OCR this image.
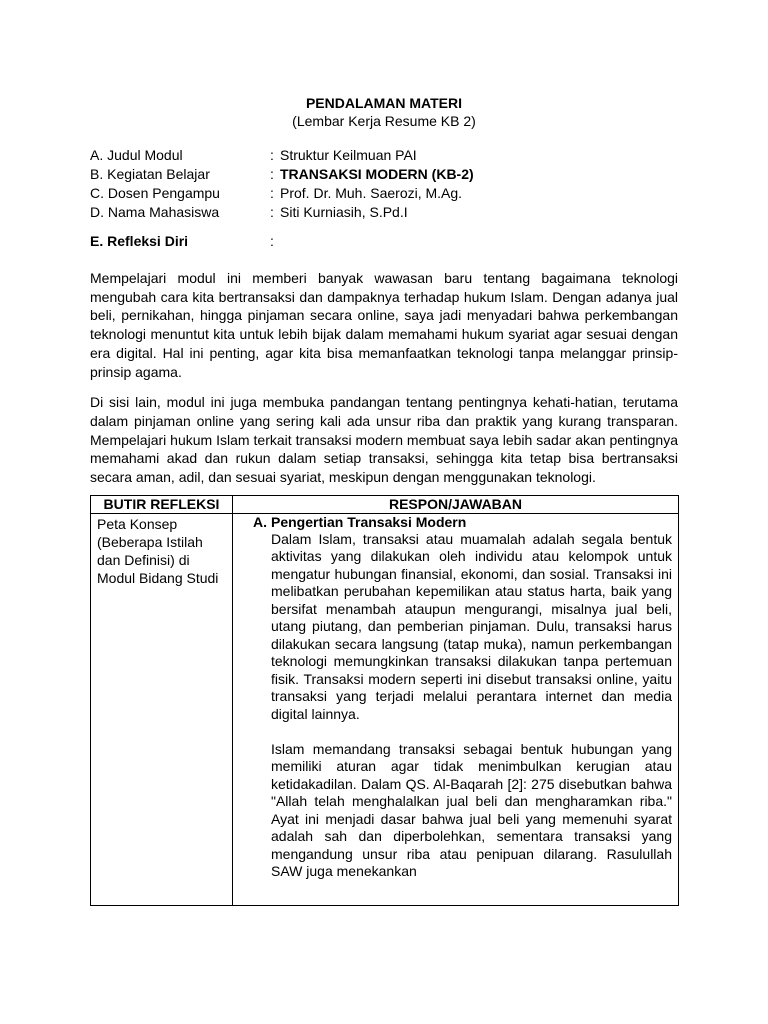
PENDALAMAN MATERI

(Lembar Kerja Resume KB 2)

A. Judul Modul	: Struktur Keilmuan PAI
B. Kegiatan Belajar	: TRANSAKSI MODERN (KB-2)
C. Dosen Pengampu	: Prof. Dr. Muh. Saerozi, M.Ag.
D. Nama Mahasiswa	: Siti Kurniasih, S.Pd.I
E. Refleksi Diri	:

Mempelajari modul ini memberi banyak wawasan baru tentang bagaimana teknologi mengubah cara kita bertransaksi dan dampaknya terhadap hukum Islam. Dengan adanya jual beli, pernikahan, hingga pinjaman secara online, saya jadi menyadari bahwa perkembangan teknologi menuntut kita untuk lebih bijak dalam memahami hukum syariat agar sesuai dengan era digital. Hal ini penting, agar kita bisa memanfaatkan teknologi tanpa melanggar prinsip-prinsip agama.

Di sisi lain, modul ini juga membuka pandangan tentang pentingnya kehati-hatian, terutama dalam pinjaman online yang sering kali ada unsur riba dan praktik yang kurang transparan. Mempelajari hukum Islam terkait transaksi modern membuat saya lebih sadar akan pentingnya memahami akad dan rukun dalam setiap transaksi, sehingga kita tetap bisa bertransaksi secara aman, adil, dan sesuai syariat, meskipun dengan menggunakan teknologi.

BUTIR REFLEKSI	RESPON/JAWABAN
Peta Konsep (Beberapa Istilah dan Definisi) di Modul Bidang Studi	A. Pengertian Transaksi Modern

Dalam Islam, transaksi atau muamalah adalah segala bentuk aktivitas yang dilakukan oleh individu atau kelompok untuk mengatur hubungan finansial, ekonomi, dan sosial. Transaksi ini melibatkan perubahan kepemilikan atau status harta, baik yang bersifat menambah ataupun mengurangi, misalnya jual beli, utang piutang, dan pemberian pinjaman. Dulu, transaksi harus dilakukan secara langsung (tatap muka), namun perkembangan teknologi memungkinkan transaksi dilakukan tanpa pertemuan fisik. Transaksi modern seperti ini disebut transaksi online, yaitu transaksi yang terjadi melalui perantara internet dan media digital lainnya.

Islam memandang transaksi sebagai bentuk hubungan yang memiliki aturan agar tidak menimbulkan kerugian atau ketidakadilan. Dalam QS. Al-Baqarah [2]: 275 disebutkan bahwa "Allah telah menghalalkan jual beli dan mengharamkan riba." Ayat ini menjadi dasar bahwa jual beli yang memenuhi syarat adalah sah dan diperbolehkan, sementara transaksi yang mengandung unsur riba atau penipuan dilarang. Rasulullah SAW juga menekankan
